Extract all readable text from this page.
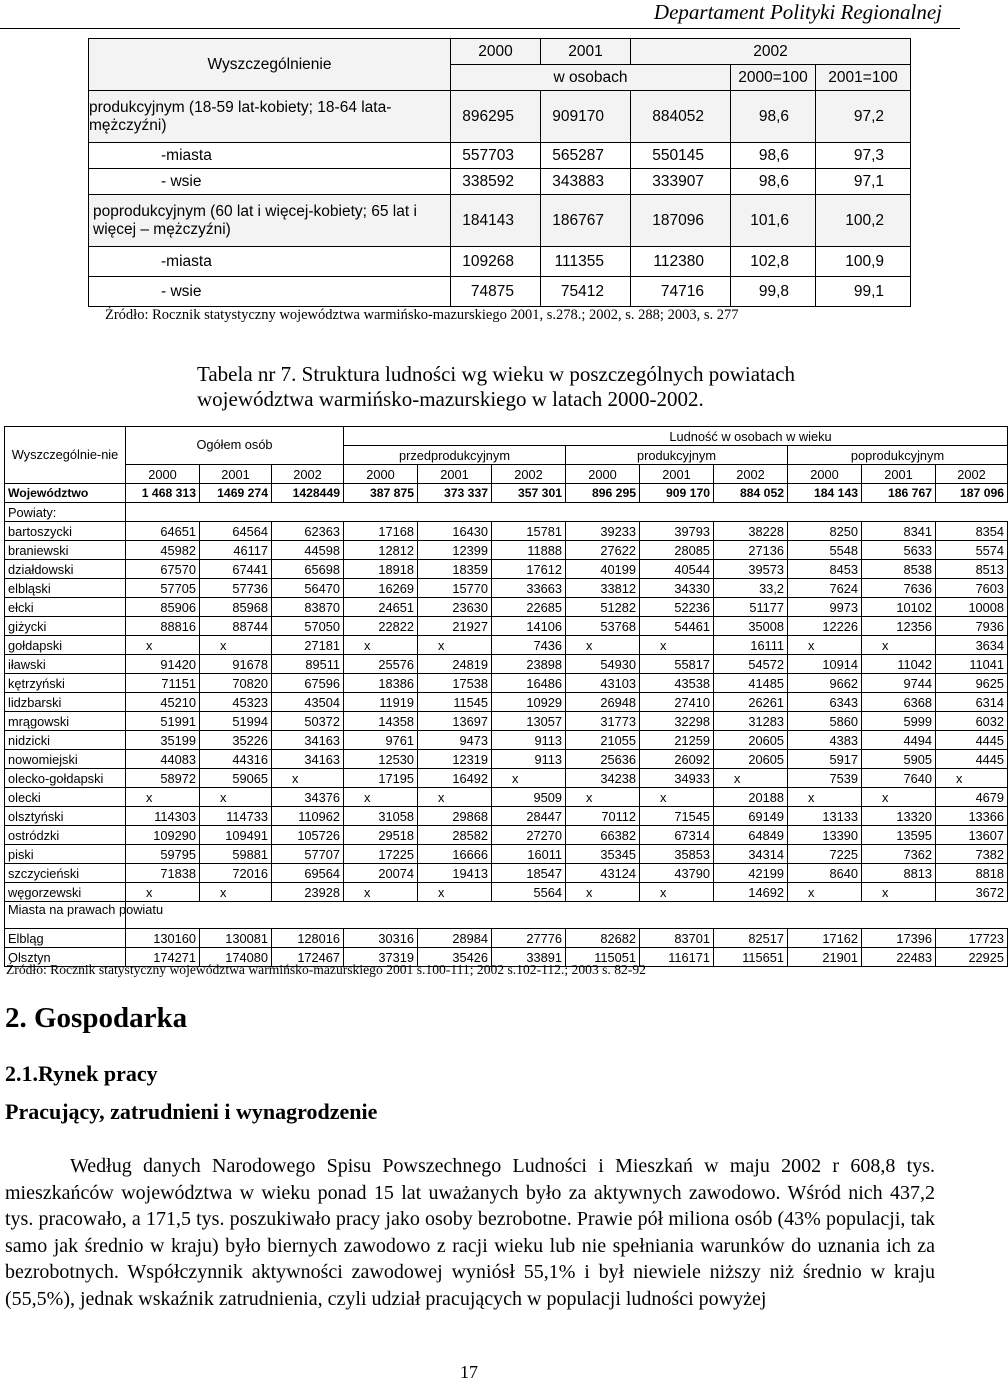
Departament Polityki Regionalnej
Wyszczególnienie	2000	2001	2002		
	w osobach			2000=100	2001=100
produkcyjnym (18-59 lat-kobiety; 18-64 lata- mężczyźni)	896295	909170	884052	98,6	97,2
-miasta	557703	565287	550145	98,6	97,3
- wsie	338592	343883	333907	98,6	97,1
poprodukcyjnym (60 lat i więcej-kobiety; 65 lat i więcej – mężczyźni)	184143	186767	187096	101,6	100,2
-miasta	109268	111355	112380	102,8	100,9
- wsie	74875	75412	74716	99,8	99,1
Źródło: Rocznik statystyczny województwa warmińsko-mazurskiego 2001, s.278.; 2002, s. 288; 2003, s. 277
Tabela nr 7. Struktura ludności wg wieku w poszczególnych powiatach
województwa warmińsko-mazurskiego w latach 2000-2002.
Wyszczególnie-nie	Ogółem osób			Ludność w osobach w wieku								
				przedprodukcyjnym			produkcyjnym			poprodukcyjnym		
	2000	2001	2002	2000	2001	2002	2000	2001	2002	2000	2001	2002
Województwo	1 468 313	1469 274	1428449	387 875	373 337	357 301	896 295	909 170	884 052	184 143	186 767	187 096
Powiaty:												
bartoszycki	64651	64564	62363	17168	16430	15781	39233	39793	38228	8250	8341	8354
braniewski	45982	46117	44598	12812	12399	11888	27622	28085	27136	5548	5633	5574
działdowski	67570	67441	65698	18918	18359	17612	40199	40544	39573	8453	8538	8513
elbląski	57705	57736	56470	16269	15770	33663	33812	34330	33,2	7624	7636	7603
ełcki	85906	85968	83870	24651	23630	22685	51282	52236	51177	9973	10102	10008
giżycki	88816	88744	57050	22822	21927	14106	53768	54461	35008	12226	12356	7936
gołdapski	x	x	27181	x	x	7436	x	x	16111	x	x	3634
iławski	91420	91678	89511	25576	24819	23898	54930	55817	54572	10914	11042	11041
kętrzyński	71151	70820	67596	18386	17538	16486	43103	43538	41485	9662	9744	9625
lidzbarski	45210	45323	43504	11919	11545	10929	26948	27410	26261	6343	6368	6314
mrągowski	51991	51994	50372	14358	13697	13057	31773	32298	31283	5860	5999	6032
nidzicki	35199	35226	34163	9761	9473	9113	21055	21259	20605	4383	4494	4445
nowomiejski	44083	44316	34163	12530	12319	9113	25636	26092	20605	5917	5905	4445
olecko-gołdapski	58972	59065	x	17195	16492	x	34238	34933	x	7539	7640	x
olecki	x	x	34376	x	x	9509	x	x	20188	x	x	4679
olsztyński	114303	114733	110962	31058	29868	28447	70112	71545	69149	13133	13320	13366
ostródzki	109290	109491	105726	29518	28582	27270	66382	67314	64849	13390	13595	13607
piski	59795	59881	57707	17225	16666	16011	35345	35853	34314	7225	7362	7382
szczycieński	71838	72016	69564	20074	19413	18547	43124	43790	42199	8640	8813	8818
węgorzewski	x	x	23928	x	x	5564	x	x	14692	x	x	3672
Miasta na prawach powiatu												
Elbląg	130160	130081	128016	30316	28984	27776	82682	83701	82517	17162	17396	17723
Olsztyn	174271	174080	172467	37319	35426	33891	115051	116171	115651	21901	22483	22925
Źródło: Rocznik statystyczny województwa warmińsko-mazurskiego 2001 s.100-111; 2002 s.102-112.; 2003 s. 82-92
2. Gospodarka
2.1.Rynek pracy
Pracujący, zatrudnieni i wynagrodzenie
Według danych Narodowego Spisu Powszechnego Ludności i Mieszkań w maju 2002 r 608,8 tys. mieszkańców województwa w wieku ponad 15 lat uważanych było za aktywnych zawodowo. Wśród nich 437,2 tys. pracowało, a 171,5 tys. poszukiwało pracy jako osoby bezrobotne. Prawie pół miliona osób (43% populacji, tak samo jak średnio w kraju) było biernych zawodowo z racji wieku lub nie spełniania warunków do uznania ich za bezrobotnych. Współczynnik aktywności zawodowej wyniósł 55,1% i był niewiele niższy niż średnio w kraju (55,5%), jednak wskaźnik zatrudnienia, czyli udział pracujących w populacji ludności powyżej
17
